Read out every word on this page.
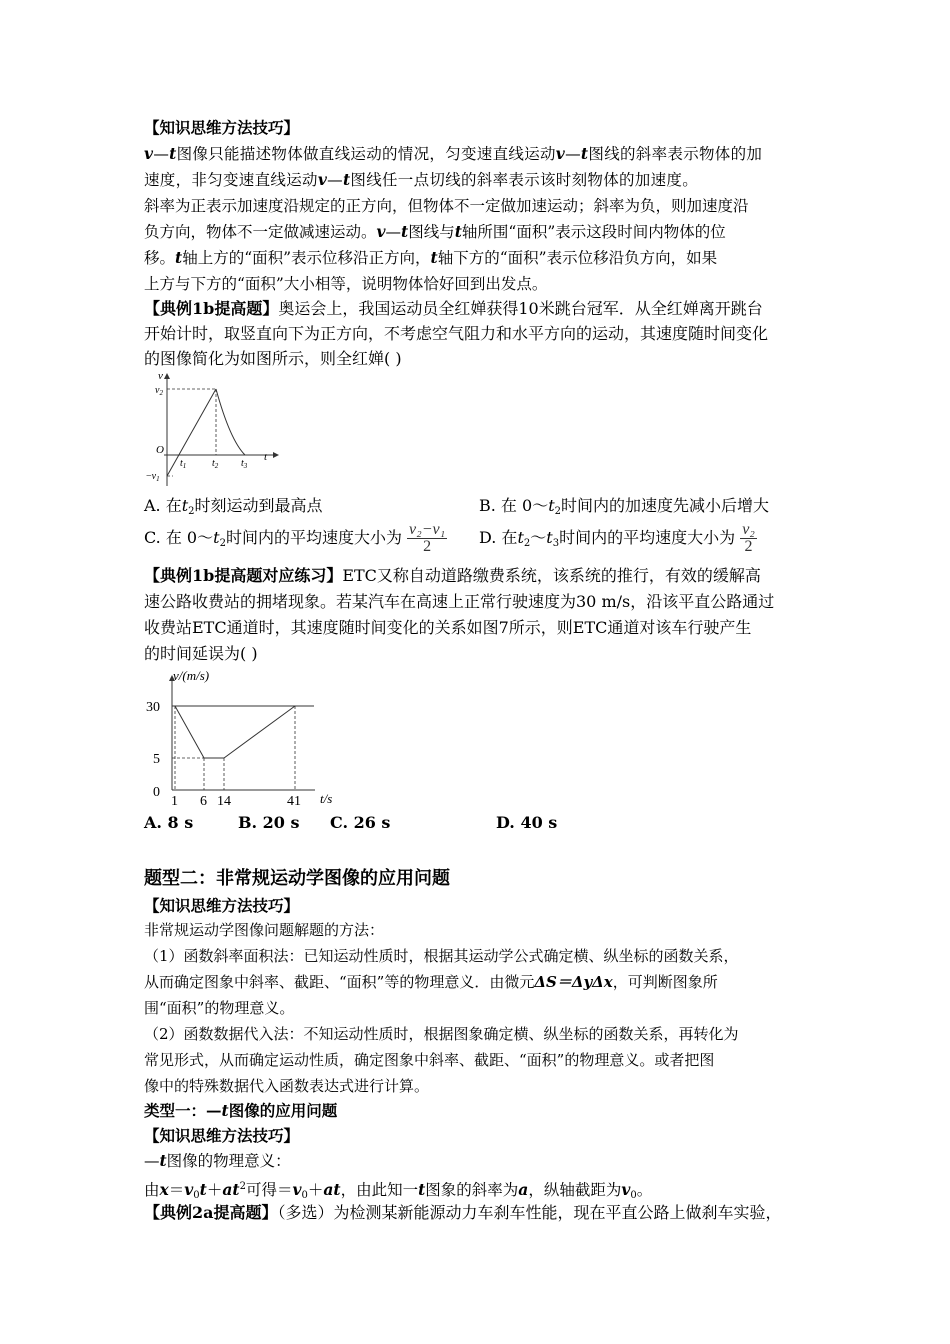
【知识思维方法技巧】
v—t图像只能描述物体做直线运动的情况，匀变速直线运动v—t图线的斜率表示物体的加
速度，非匀变速直线运动v—t图线任一点切线的斜率表示该时刻物体的加速度。
斜率为正表示加速度沿规定的正方向，但物体不一定做加速运动；斜率为负，则加速度沿
负方向，物体不一定做减速运动。v—t图线与t轴所围“面积”表示这段时间内物体的位
移。t轴上方的“面积”表示位移沿正方向，t轴下方的“面积”表示位移沿负方向，如果
上方与下方的“面积”大小相等，说明物体恰好回到出发点。
【典例1b提高题】奥运会上，我国运动员全红婵获得10米跳台冠军．从全红婵离开跳台
开始计时，取竖直向下为正方向，不考虑空气阻力和水平方向的运动，其速度随时间变化
的图像简化为如图所示，则全红婵( )
v
t
O
$v_2$
$-v_1$
$t_1$	$t_2$ $t_3$
A. 在$t_2$时刻运动到最高点	B. 在 $0\sim t_2$时间内的加速度先减小后增大
C. 在 $0\sim t_2$时间内的平均速度大小为 $\frac{\text{v₂−v₁}}{2} D$. 在$t_2\sim t_3$时间内的平均速度大小为 $\frac{\text{v₂}}{2}$
【典例1b提高题对应练习】ETC又称自动道路缴费系统，该系统的推行，有效的缓解高
速公路收费站的拥堵现象。若某汽车在高速上正常行驶速度为30 m/s，沿该平直公路通过
收费站ETC通道时，其速度随时间变化的关系如图7所示，则ETC通道对该车行驶产生
的时间延误为( )
v/(m/s)
t/s
30
5
0
1 6 14	41
A. 8 s	B. 20 s C. 26 s	D. 40 s
题型二：非常规运动学图像的应用问题
【知识思维方法技巧】
非常规运动学图像问题解题的方法：
（1）函数斜率面积法：已知运动性质时，根据其运动学公式确定横、纵坐标的函数关系，
从而确定图象中斜率、截距、“面积”等的物理意义．由微元ΔS＝ΔyΔx，可判断图象所
围“面积”的物理意义。
（2）函数数据代入法：不知运动性质时，根据图象确定横、纵坐标的函数关系，再转化为
常见形式，从而确定运动性质，确定图象中斜率、截距、“面积”的物理意义。或者把图
像中的特殊数据代入函数表达式进行计算。
类型一：—t图像的应用问题
【知识思维方法技巧】
—t图像的物理意义：
由$x=v_0t+at^2$可得$=v_0+at$，由此知一t图象的斜率为a，纵轴截距为$v_0$。
【典例2a提高题】（多选）为检测某新能源动力车刹车性能，现在平直公路上做刹车实验，
